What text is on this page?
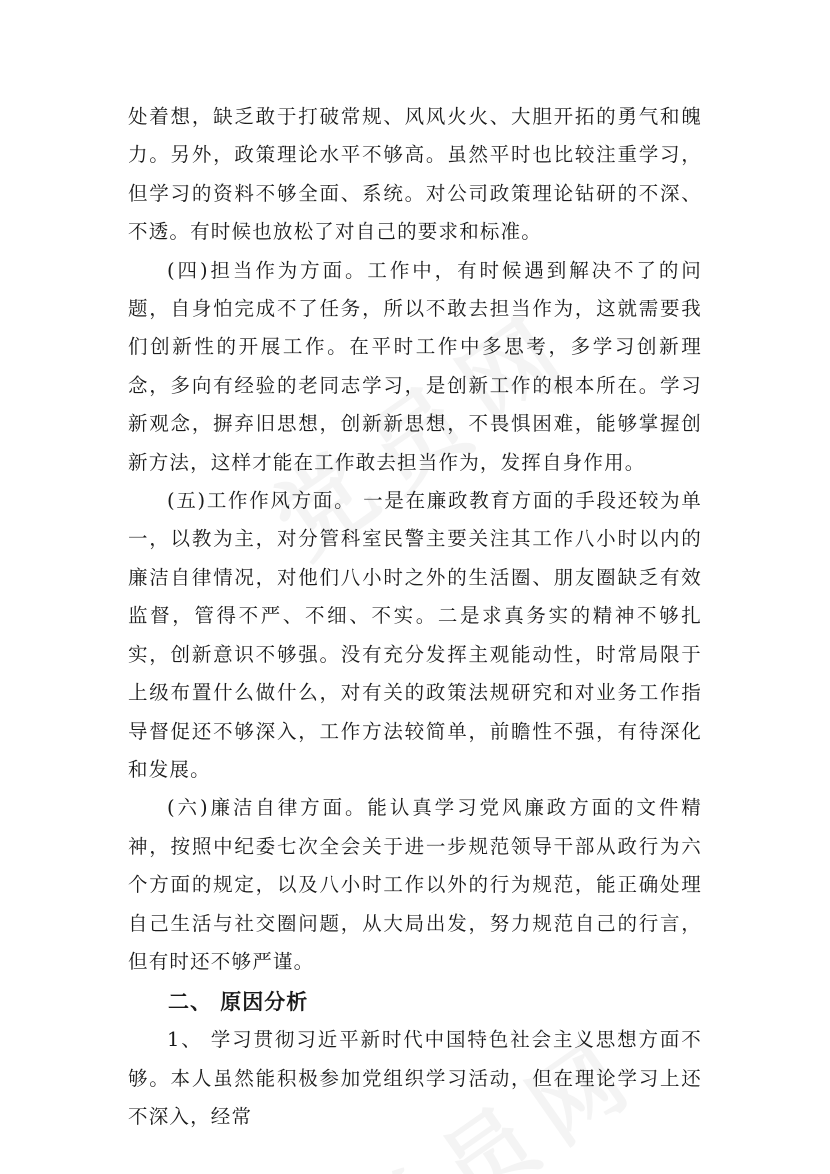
处着想，缺乏敢于打破常规、风风火火、大胆开拓的勇气和魄力。另外，政策理论水平不够高。虽然平时也比较注重学习，但学习的资料不够全面、系统。对公司政策理论钻研的不深、不透。有时候也放松了对自己的要求和标准。

(四)担当作为方面。工作中，有时候遇到解决不了的问题，自身怕完成不了任务，所以不敢去担当作为，这就需要我们创新性的开展工作。在平时工作中多思考，多学习创新理念，多向有经验的老同志学习，是创新工作的根本所在。学习新观念，摒弃旧思想，创新新思想，不畏惧困难，能够掌握创新方法，这样才能在工作敢去担当作为，发挥自身作用。

(五)工作作风方面。 一是在廉政教育方面的手段还较为单一，以教为主，对分管科室民警主要关注其工作八小时以内的廉洁自律情况，对他们八小时之外的生活圈、朋友圈缺乏有效监督，管得不严、不细、不实。二是求真务实的精神不够扎实，创新意识不够强。没有充分发挥主观能动性，时常局限于上级布置什么做什么，对有关的政策法规研究和对业务工作指导督促还不够深入，工作方法较简单，前瞻性不强，有待深化和发展。

(六)廉洁自律方面。能认真学习党风廉政方面的文件精神，按照中纪委七次全会关于进一步规范领导干部从政行为六个方面的规定，以及八小时工作以外的行为规范，能正确处理自己生活与社交圈问题，从大局出发，努力规范自己的行言，但有时还不够严谨。

二、 原因分析

1、 学习贯彻习近平新时代中国特色社会主义思想方面不够。本人虽然能积极参加党组织学习活动，但在理论学习上还不深入，经常
